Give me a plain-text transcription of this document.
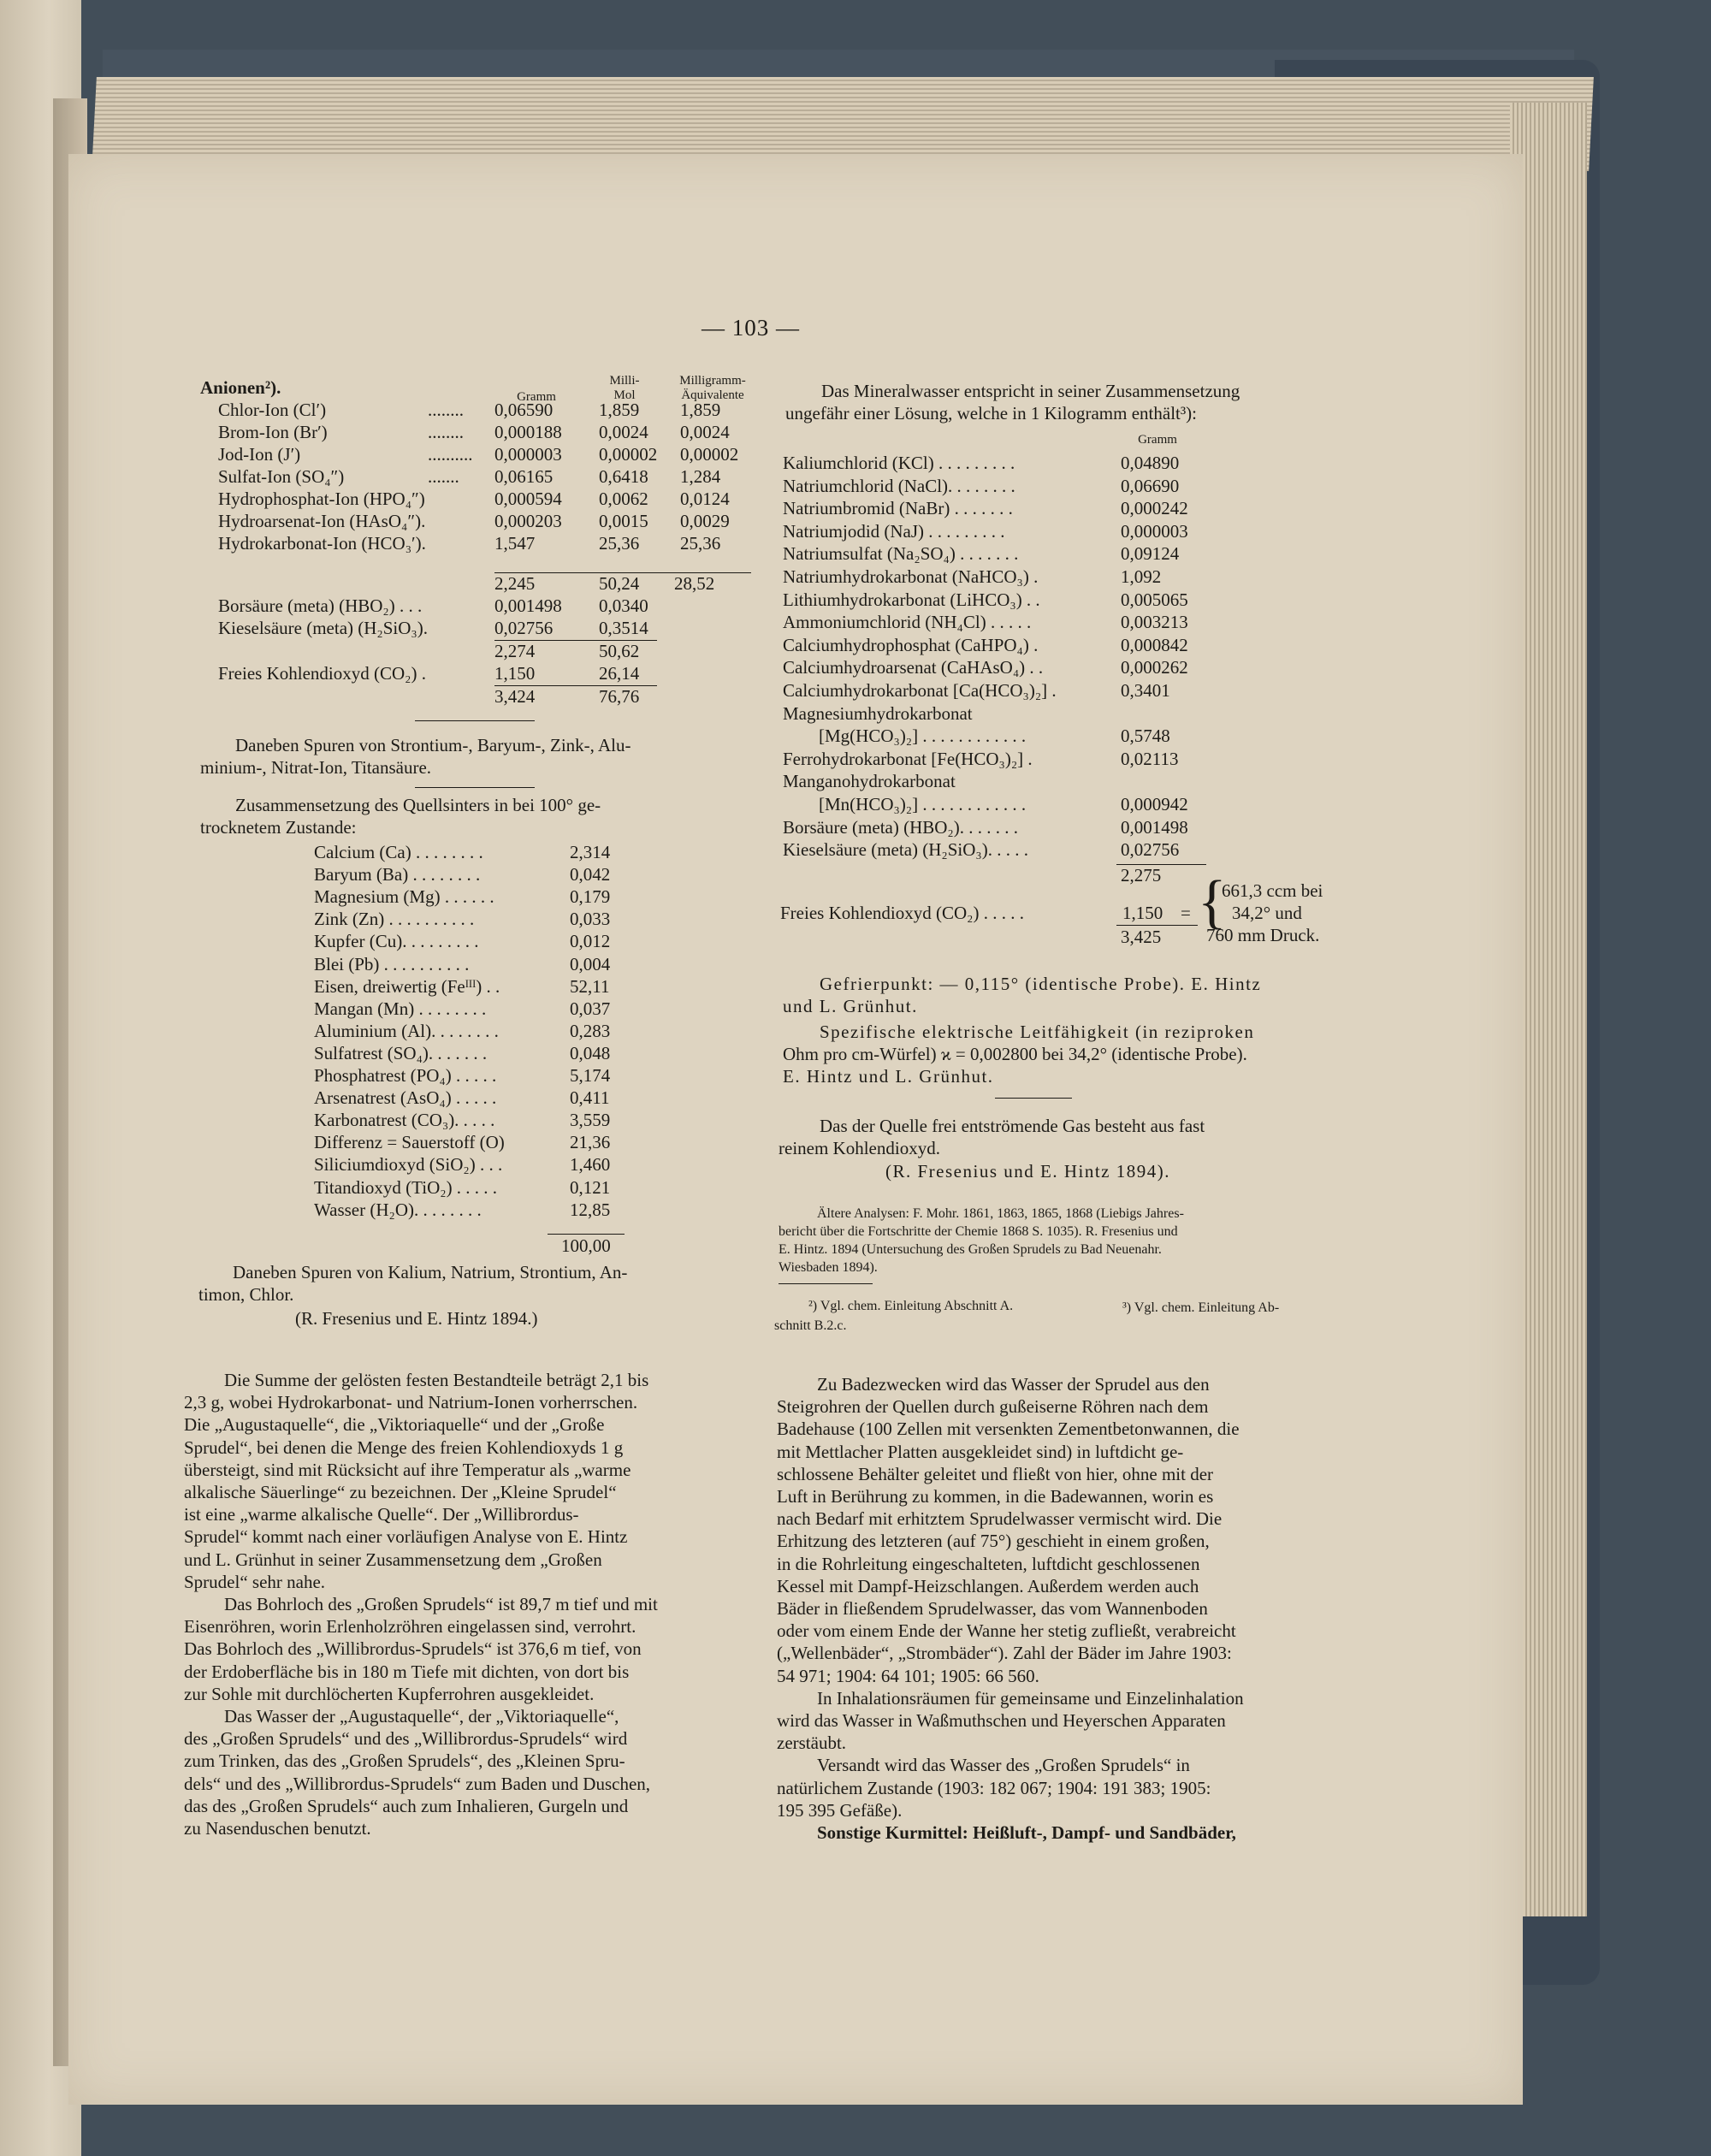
— 103 —
Anionen²).	Gramm
Milli-
Mol
Milligramm-
Äquivalente
Chlor-Ion (Cl′)	........ 0,06590	1,859 1,859
Brom-Ion (Br′)	........ 0,000188 0,0024 0,0024
Jod-Ion (J′)	.......... 0,000003 0,00002 0,00002
Sulfat-Ion (SO₄″)	....... 0,06165	0,6418 1,284
Hydrophosphat-Ion (HPO₄″)	0,000594 0,0062 0,0124
Hydroarsenat-Ion (HAsO₄″).	0,000203 0,0015 0,0029
Hydrokarbonat-Ion (HCO₃′).	1,547	25,36 25,36
2,245	50,24 28,52
Borsäure (meta) (HBO₂) . . .	0,001498 0,0340
Kieselsäure (meta) (H₂SiO₃).	0,02756	0,3514
2,274	50,62
Freies Kohlendioxyd (CO₂) .	1,150	26,14
3,424	76,76
Daneben Spuren von Strontium-, Baryum-, Zink-, Alu-
minium-, Nitrat-Ion, Titansäure.
Zusammensetzung des Quellsinters in bei 100° ge-
trocknetem Zustande:
Calcium (Ca) . . . . . . . .	2,314
Baryum (Ba) . . . . . . . .	0,042
Magnesium (Mg) . . . . . .	0,179
Zink (Zn) . . . . . . . . . .	0,033
Kupfer (Cu). . . . . . . . .	0,012
Blei (Pb) . . . . . . . . . .	0,004
Eisen, dreiwertig (Feᴵᴵᴵ) . .	52,11
Mangan (Mn) . . . . . . . .	0,037
Aluminium (Al). . . . . . . .	0,283
Sulfatrest (SO₄). . . . . . .	0,048
Phosphatrest (PO₄) . . . . .	5,174
Arsenatrest (AsO₄) . . . . .	0,411
Karbonatrest (CO₃). . . . .	3,559
Differenz = Sauerstoff (O)	21,36
Siliciumdioxyd (SiO₂) . . .	1,460
Titandioxyd (TiO₂) . . . . .	0,121
Wasser (H₂O). . . . . . . .	12,85
100,00
Daneben Spuren von Kalium, Natrium, Strontium, An-
timon, Chlor.
(R. Fresenius und E. Hintz 1894.)
Die Summe der gelösten festen Bestandteile beträgt 2,1 bis
2,3 g, wobei Hydrokarbonat- und Natrium-Ionen vorherrschen.
Die „Augustaquelle“, die „Viktoriaquelle“ und der „Große
Sprudel“, bei denen die Menge des freien Kohlendioxyds 1 g
übersteigt, sind mit Rücksicht auf ihre Temperatur als „warme
alkalische Säuerlinge“ zu bezeichnen. Der „Kleine Sprudel“
ist eine „warme alkalische Quelle“. Der „Willibrordus-
Sprudel“ kommt nach einer vorläufigen Analyse von E. Hintz
und L. Grünhut in seiner Zusammensetzung dem „Großen
Sprudel“ sehr nahe.
Das Bohrloch des „Großen Sprudels“ ist 89,7 m tief und mit
Eisenröhren, worin Erlenholzröhren eingelassen sind, verrohrt.
Das Bohrloch des „Willibrordus-Sprudels“ ist 376,6 m tief, von
der Erdoberfläche bis in 180 m Tiefe mit dichten, von dort bis
zur Sohle mit durchlöcherten Kupferrohren ausgekleidet.
Das Wasser der „Augustaquelle“, der „Viktoriaquelle“,
des „Großen Sprudels“ und des „Willibrordus-Sprudels“ wird
zum Trinken, das des „Großen Sprudels“, des „Kleinen Spru-
dels“ und des „Willibrordus-Sprudels“ zum Baden und Duschen,
das des „Großen Sprudels“ auch zum Inhalieren, Gurgeln und
zu Nasenduschen benutzt.
Das Mineralwasser entspricht in seiner Zusammensetzung
ungefähr einer Lösung, welche in 1 Kilogramm enthält³):
Gramm
Kaliumchlorid (KCl) . . . . . . . . .	0,04890
Natriumchlorid (NaCl). . . . . . . .	0,06690
Natriumbromid (NaBr) . . . . . . .	0,000242
Natriumjodid (NaJ) . . . . . . . . .	0,000003
Natriumsulfat (Na₂SO₄) . . . . . . .	0,09124
Natriumhydrokarbonat (NaHCO₃) .	1,092
Lithiumhydrokarbonat (LiHCO₃) . .	0,005065
Ammoniumchlorid (NH₄Cl) . . . . .	0,003213
Calciumhydrophosphat (CaHPO₄) .	0,000842
Calciumhydroarsenat (CaHAsO₄) . .	0,000262
Calciumhydrokarbonat [Ca(HCO₃)₂] .	0,3401
Magnesiumhydrokarbonat
[Mg(HCO₃)₂] . . . . . . . . . . . .	0,5748
Ferrohydrokarbonat [Fe(HCO₃)₂] .	0,02113
Manganohydrokarbonat
[Mn(HCO₃)₂] . . . . . . . . . . . .	0,000942
Borsäure (meta) (HBO₂). . . . . . .	0,001498
Kieselsäure (meta) (H₂SiO₃). . . . .	0,02756
2,275
Freies Kohlendioxyd (CO₂) . . . . .	1,150 = {
661,3 ccm bei
34,2° und
760 mm Druck.
3,425
Gefrierpunkt: — 0,115° (identische Probe). E. Hintz
und L. Grünhut.
Spezifische elektrische Leitfähigkeit (in reziproken
Ohm pro cm-Würfel) ϰ = 0,002800 bei 34,2° (identische Probe).
E. Hintz und L. Grünhut.
Das der Quelle frei entströmende Gas besteht aus fast
reinem Kohlendioxyd.
(R. Fresenius und E. Hintz 1894).
Ältere Analysen: F. Mohr. 1861, 1863, 1865, 1868 (Liebigs Jahres-
bericht über die Fortschritte der Chemie 1868 S. 1035). R. Fresenius und
E. Hintz. 1894 (Untersuchung des Großen Sprudels zu Bad Neuenahr.
Wiesbaden 1894).
²) Vgl. chem. Einleitung Abschnitt A.	³) Vgl. chem. Einleitung Ab-
schnitt B.2.c.
Zu Badezwecken wird das Wasser der Sprudel aus den
Steigrohren der Quellen durch gußeiserne Röhren nach dem
Badehause (100 Zellen mit versenkten Zementbetonwannen, die
mit Mettlacher Platten ausgekleidet sind) in luftdicht ge-
schlossene Behälter geleitet und fließt von hier, ohne mit der
Luft in Berührung zu kommen, in die Badewannen, worin es
nach Bedarf mit erhitztem Sprudelwasser vermischt wird. Die
Erhitzung des letzteren (auf 75°) geschieht in einem großen,
in die Rohrleitung eingeschalteten, luftdicht geschlossenen
Kessel mit Dampf-Heizschlangen. Außerdem werden auch
Bäder in fließendem Sprudelwasser, das vom Wannenboden
oder vom einem Ende der Wanne her stetig zufließt, verabreicht
(„Wellenbäder“, „Strombäder“). Zahl der Bäder im Jahre 1903:
54 971; 1904: 64 101; 1905: 66 560.
In Inhalationsräumen für gemeinsame und Einzelinhalation
wird das Wasser in Waßmuthschen und Heyerschen Apparaten
zerstäubt.
Versandt wird das Wasser des „Großen Sprudels“ in
natürlichem Zustande (1903: 182 067; 1904: 191 383; 1905:
195 395 Gefäße).
Sonstige Kurmittel: Heißluft-, Dampf- und Sandbäder,
